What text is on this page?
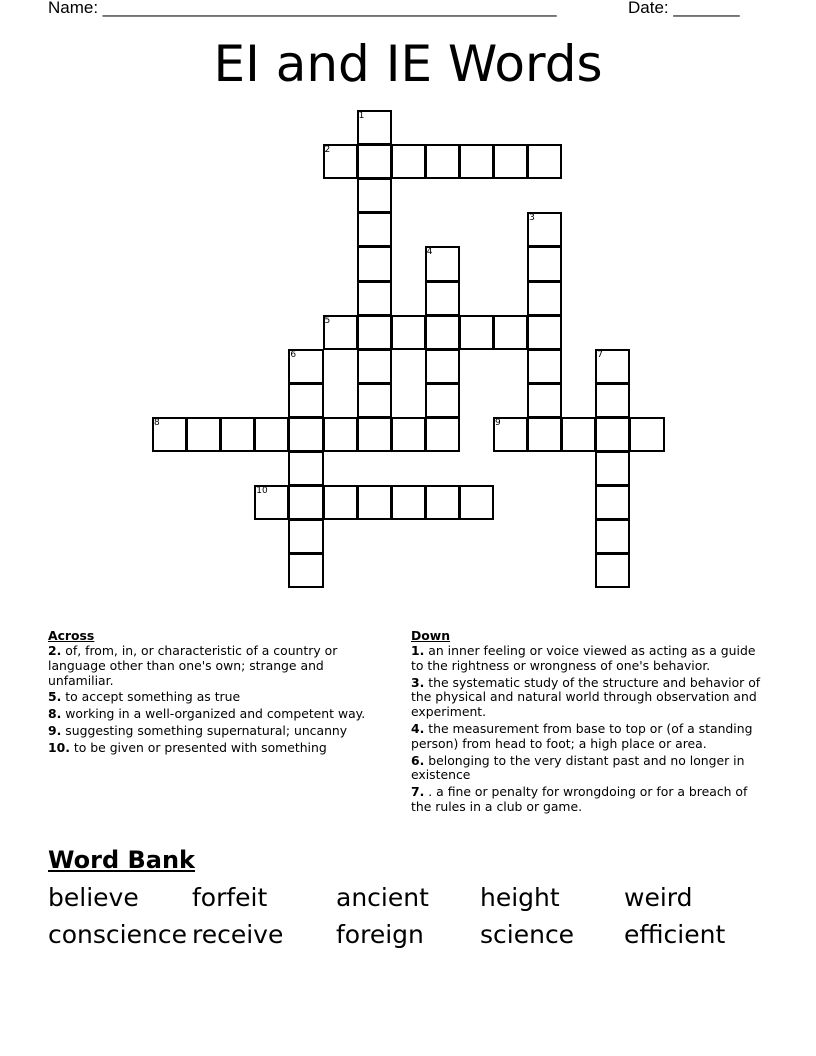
Name: ________________________________________________	Date: _______
EI and IE Words
1
2
3
4
5
6	7
8	9
10
Across
2. of, from, in, or characteristic of a country or language other than one's own; strange and unfamiliar.
5. to accept something as true
8. working in a well-organized and competent way.
9. suggesting something supernatural; uncanny
10. to be given or presented with something
Down
1. an inner feeling or voice viewed as acting as a guide to the rightness or wrongness of one's behavior.
3. the systematic study of the structure and behavior of the physical and natural world through observation and experiment.
4. the measurement from base to top or (of a standing person) from head to foot; a high place or area.
6. belonging to the very distant past and no longer in existence
7. . a fine or penalty for wrongdoing or for a breach of the rules in a club or game.
Word Bank
believe	forfeit	ancient	height	weird
conscience receive	foreign	science	efficient
